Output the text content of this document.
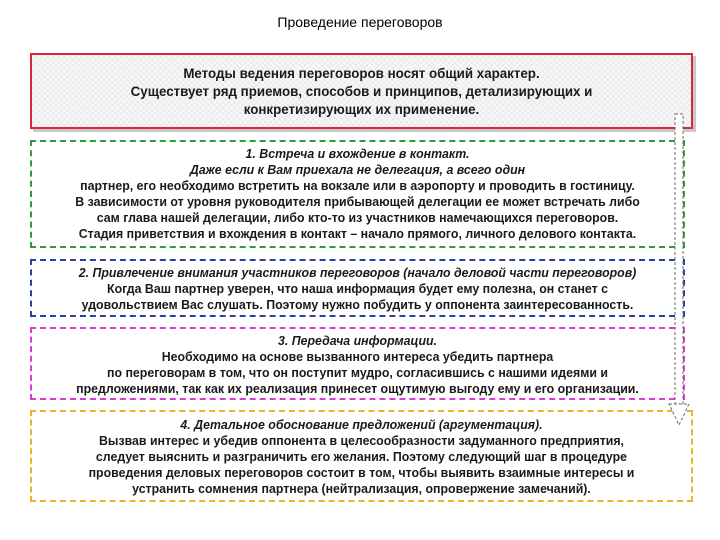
Проведение переговоров
Методы ведения переговоров носят общий характер.
Существует ряд приемов, способов и принципов, детализирующих и
конкретизирующих их применение.
1. Встреча и вхождение в контакт.
Даже если к Вам приехала не делегация, а всего один
партнер, его необходимо встретить на вокзале или в аэропорту и проводить в гостиницу.
В зависимости от уровня руководителя прибывающей делегации ее может встречать либо
сам глава нашей делегации, либо кто-то из участников намечающихся переговоров.
Стадия приветствия и вхождения в контакт – начало прямого, личного делового контакта.
2. Привлечение внимания участников переговоров (начало деловой части переговоров)
Когда Ваш партнер уверен, что наша информация будет ему полезна, он станет с
удовольствием Вас слушать. Поэтому нужно побудить у оппонента заинтересованность.
3. Передача информации.
Необходимо на основе вызванного интереса убедить партнера
по переговорам в том, что он поступит мудро, согласившись с нашими идеями и
предложениями, так как их реализация принесет ощутимую выгоду ему и его организации.
4. Детальное обоснование предложений (аргументация).
Вызвав интерес и убедив оппонента в целесообразности задуманного предприятия,
следует выяснить и разграничить его желания. Поэтому следующий шаг в процедуре
проведения деловых переговоров состоит в том, чтобы выявить взаимные интересы и
устранить сомнения партнера (нейтрализация, опровержение замечаний).
